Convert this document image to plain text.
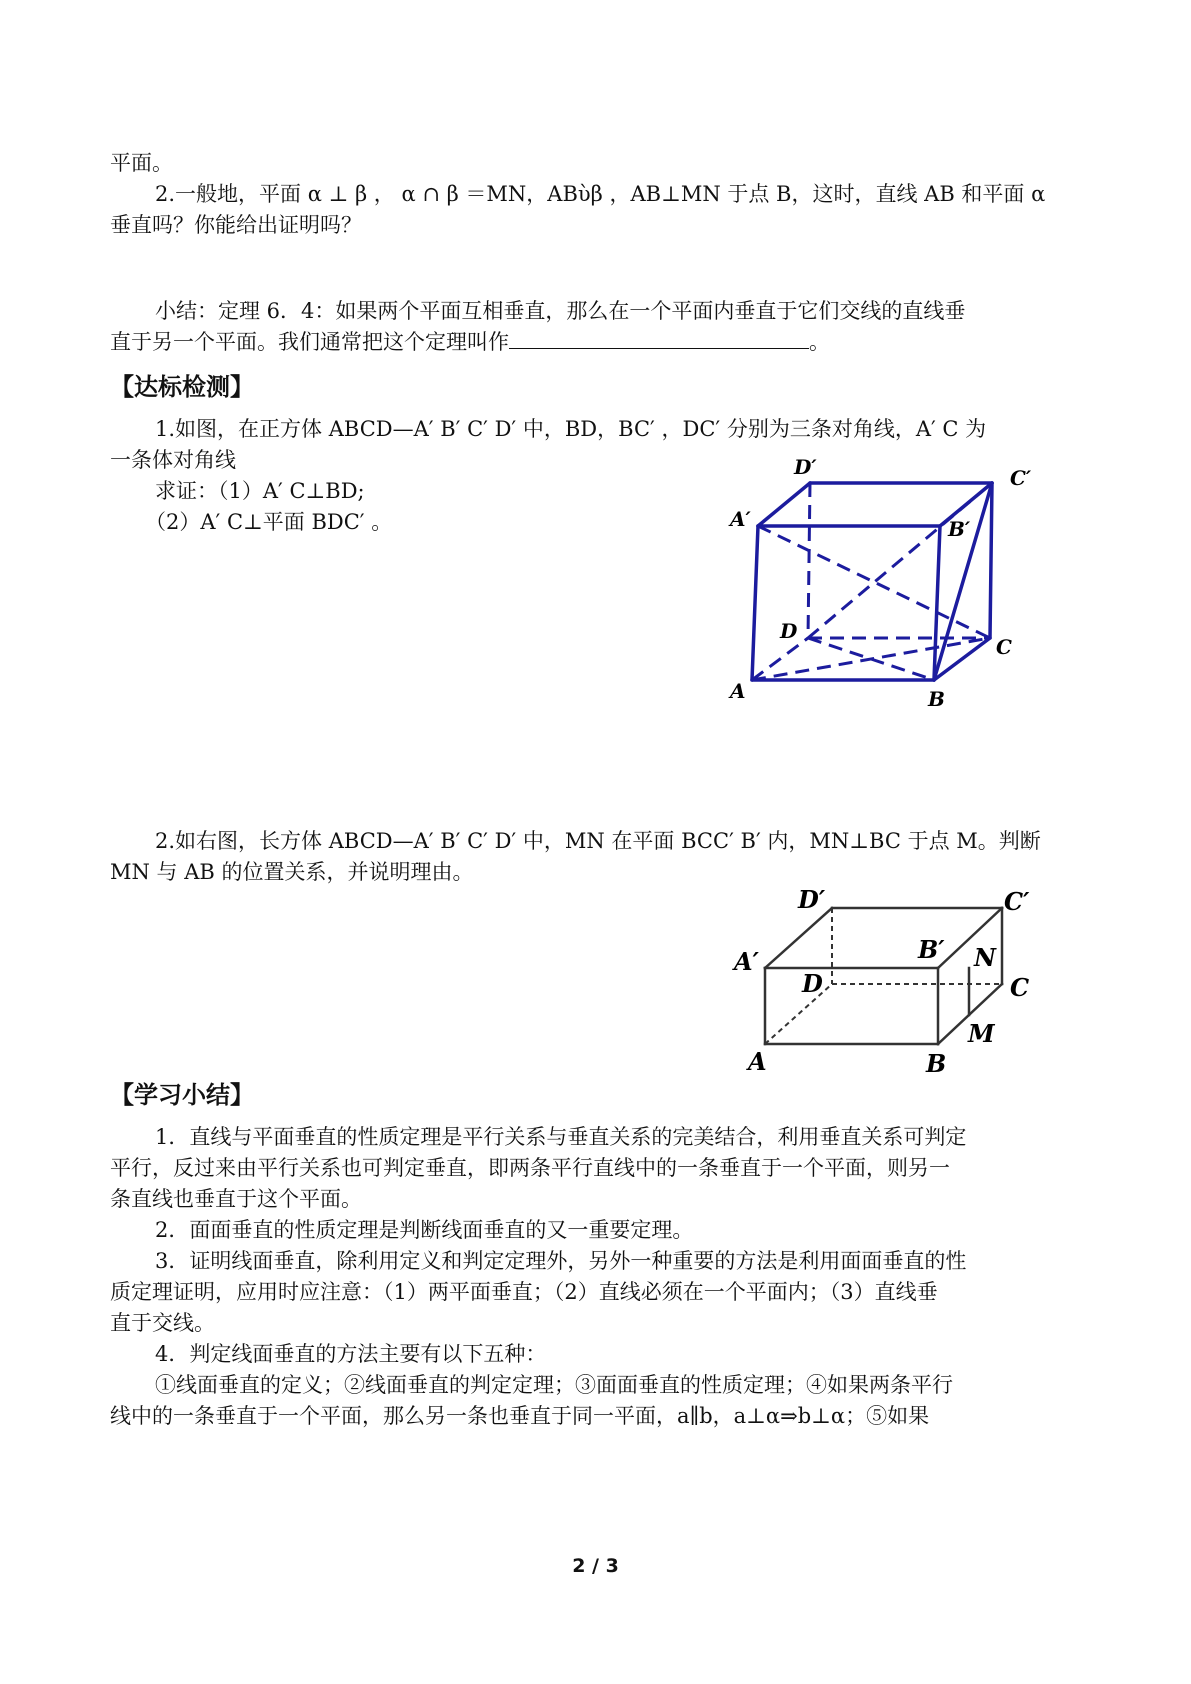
平面。
2.一般地，平面 α ⊥ β ， α ∩ β ＝MN，ABὺβ ，AB⊥MN 于点 B，这时，直线 AB 和平面 α
垂直吗？你能给出证明吗？
小结：定理 6．4：如果两个平面互相垂直，那么在一个平面内垂直于它们交线的直线垂
直于另一个平面。我们通常把这个定理叫作	。
【达标检测】
1.如图，在正方体 ABCD—A′ B′ C′ D′ 中，BD，BC′ ，DC′ 分别为三条对角线，A′ C 为
一条体对角线
求证：（1）A′ C⊥BD;
（2）A′ C⊥平面 BDC′ 。
D′	C′
A′	B′
D
C
A	B
2.如右图，长方体 ABCD—A′ B′ C′ D′ 中，MN 在平面 BCC′ B′ 内，MN⊥BC 于点 M。判断
MN 与 AB 的位置关系，并说明理由。
D′	C′
A′	B′ N
D	C
M
A	B
【学习小结】
1．直线与平面垂直的性质定理是平行关系与垂直关系的完美结合，利用垂直关系可判定
平行，反过来由平行关系也可判定垂直，即两条平行直线中的一条垂直于一个平面，则另一
条直线也垂直于这个平面。
2．面面垂直的性质定理是判断线面垂直的又一重要定理。
3．证明线面垂直，除利用定义和判定定理外，另外一种重要的方法是利用面面垂直的性
质定理证明，应用时应注意：（1）两平面垂直；（2）直线必须在一个平面内；（3）直线垂
直于交线。
4．判定线面垂直的方法主要有以下五种：
①线面垂直的定义；②线面垂直的判定定理；③面面垂直的性质定理；④如果两条平行
线中的一条垂直于一个平面，那么另一条也垂直于同一平面，a∥b，a⊥α⇒b⊥α；⑤如果
2 / 3
